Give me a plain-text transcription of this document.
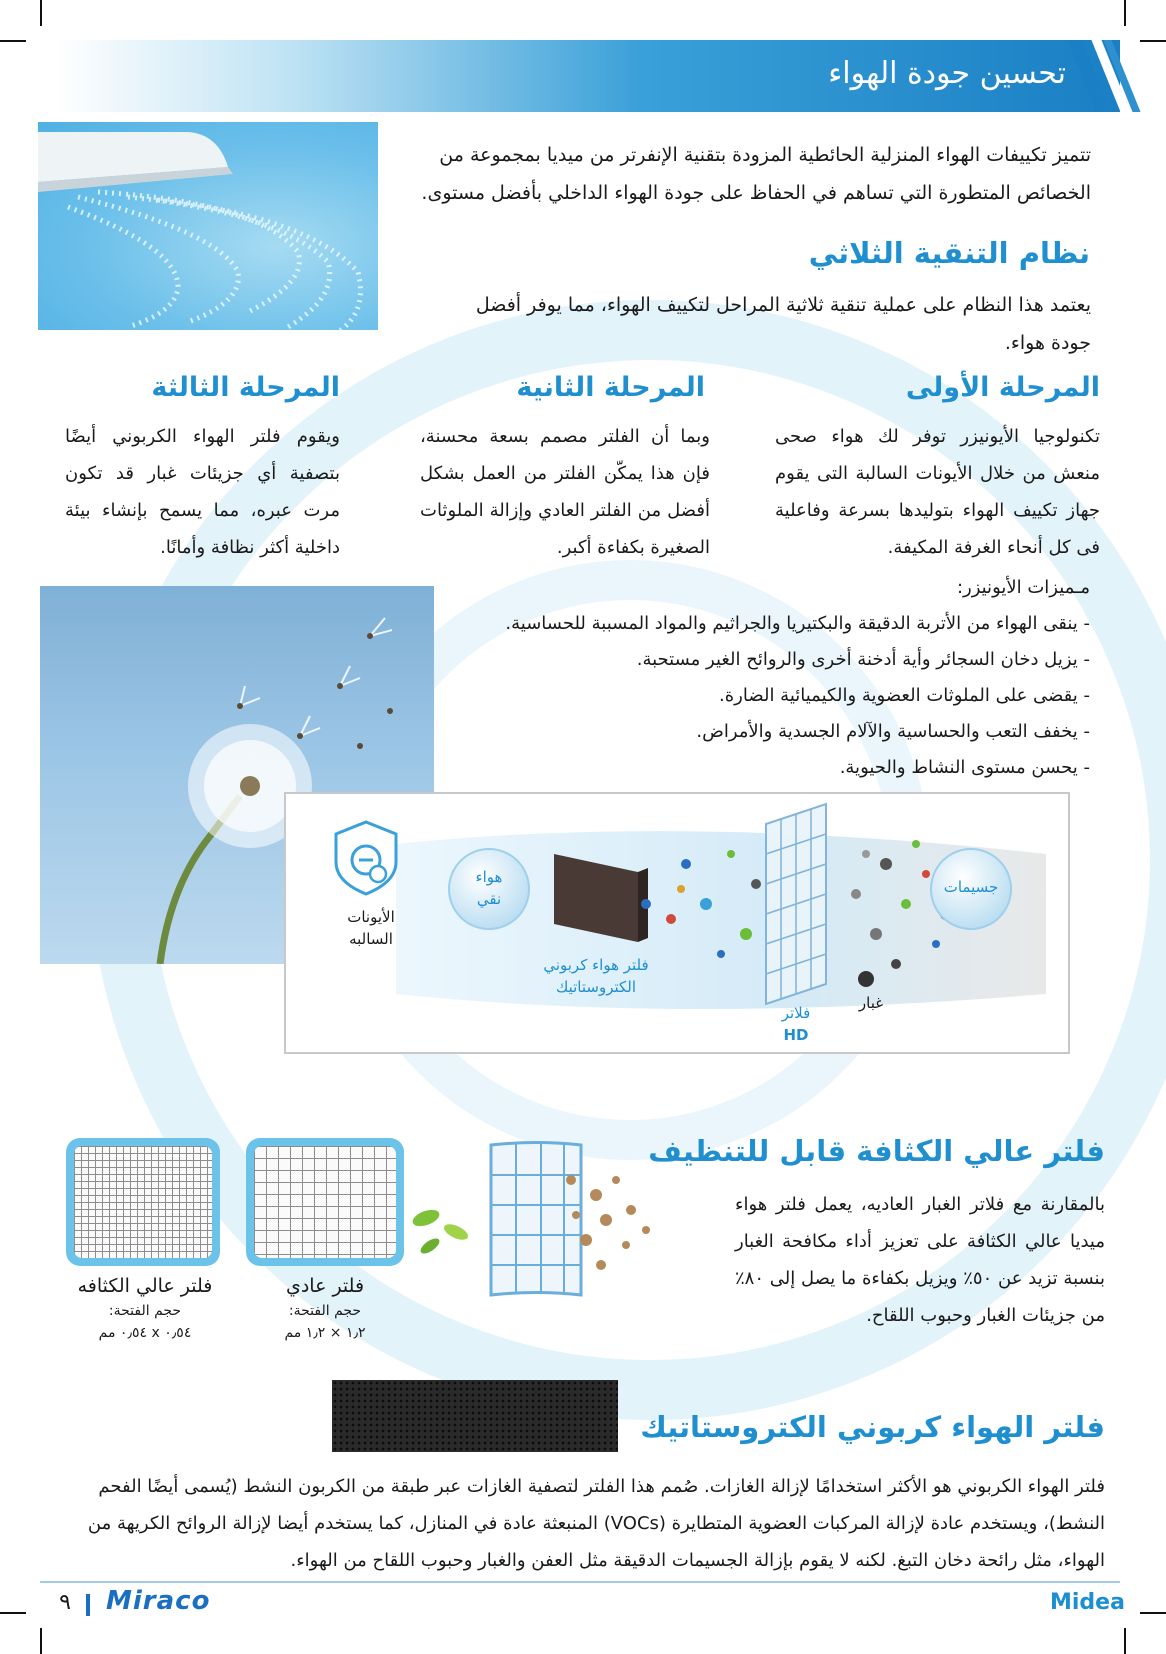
تحسين جودة الهواء
تتميز تكييفات الهواء المنزلية الحائطية المزودة بتقنية الإنفرتر من ميديا بمجموعة من الخصائص المتطورة التي تساهم في الحفاظ على جودة الهواء الداخلي بأفضل مستوى.
نظام التنقية الثلاثي
يعتمد هذا النظام على عملية تنقية ثلاثية المراحل لتكييف الهواء، مما يوفر أفضل جودة هواء.
المرحلة الأولى
تكنولوجيا الأيونيزر توفر لك هواء صحى منعش من خلال الأيونات السالبة التى يقوم جهاز تكييف الهواء بتوليدها بسرعة وفاعلية فى كل أنحاء الغرفة المكيفة.
المرحلة الثانية
وبما أن الفلتر مصمم بسعة محسنة، فإن هذا يمكّن الفلتر من العمل بشكل أفضل من الفلتر العادي وإزالة الملوثات الصغيرة بكفاءة أكبر.
المرحلة الثالثة
ويقوم فلتر الهواء الكربوني أيضًا بتصفية أي جزيئات غبار قد تكون مرت عبره، مما يسمح بإنشاء بيئة داخلية أكثر نظافة وأمانًا.
مـميزات الأيونيزر:
- ينقى الهواء من الأتربة الدقيقة والبكتيريا والجراثيم والمواد المسببة للحساسية.
- يزيل دخان السجائر وأية أدخنة أخرى والروائح الغير مستحبة.
- يقضى على الملوثات العضوية والكيميائية الضارة.
- يخفف التعب والحساسية والآلام الجسدية والأمراض.
- يحسن مستوى النشاط والحيوية.
الأيونات
السالبه
هواء
نقي
فلتر هواء كربوني
الكتروستاتيك
فلاتر
HD
غبار
جسيمات
فلتر عالي الكثافة قابل للتنظيف
بالمقارنة مع فلاتر الغبار العاديه، يعمل فلتر هواء ميديا عالي الكثافة على تعزيز أداء مكافحة الغبار بنسبة تزيد عن ٥٠٪ ويزيل بكفاءة ما يصل إلى ٨٠٪ من جزيئات الغبار وحبوب اللقاح.
فلتر عادي
حجم الفتحة:
١٫٢ × ١٫٢ مم
فلتر عالي الكثافه
حجم الفتحة:
٠٫٥٤ x ٠٫٥٤ مم
فلتر الهواء كربوني الكتروستاتيك
فلتر الهواء الكربوني هو الأكثر استخدامًا لإزالة الغازات. صُمم هذا الفلتر لتصفية الغازات عبر طبقة من الكربون النشط (يُسمى أيضًا الفحم النشط)، ويستخدم عادة لإزالة المركبات العضوية المتطايرة (VOCs) المنبعثة عادة في المنازل، كما يستخدم أيضا لإزالة الروائح الكريهة من الهواء، مثل رائحة دخان التبغ. لكنه لا يقوم بإزالة الجسيمات الدقيقة مثل العفن والغبار وحبوب اللقاح من الهواء.
٩ Miraco	Midea
